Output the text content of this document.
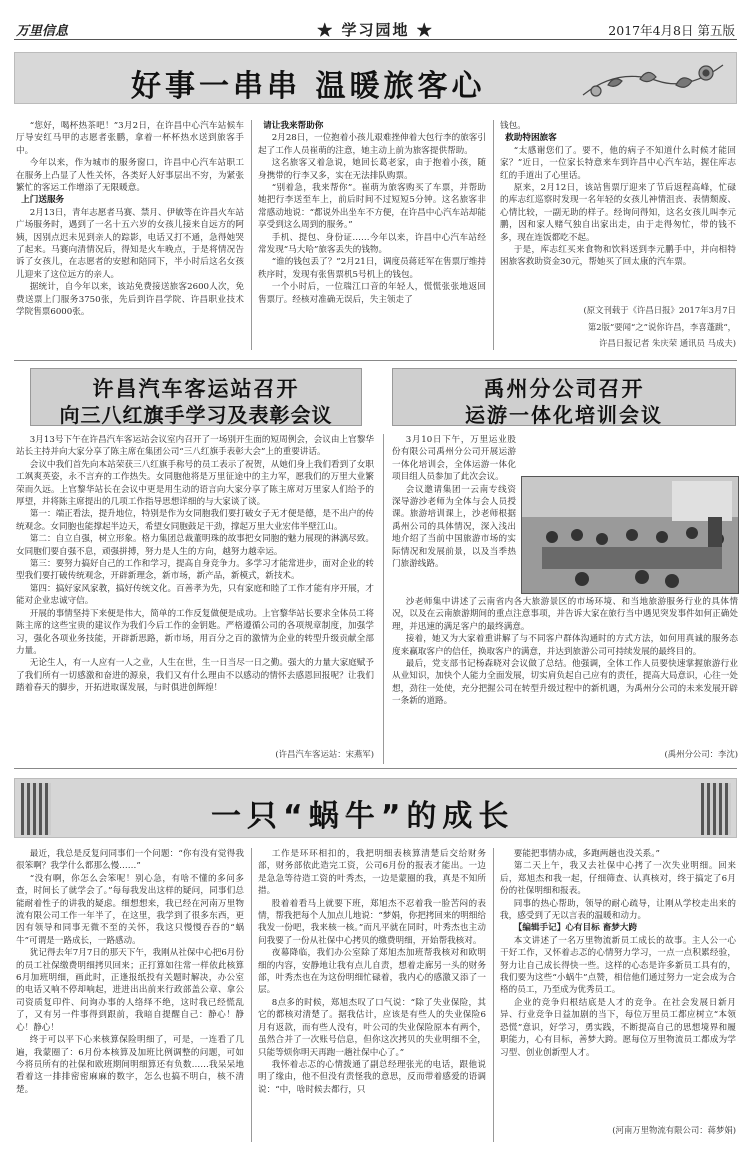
万里信息	★ 学习园地 ★	2017年4月8日 第五版
好事一串串 温暖旅客心

“您好，喝杯热茶吧！”3月2日，在许昌中心汽车站候车厅导安红马甲的志愿者张鹏，拿着一杯杯热水送到旅客手中。

今年以来，作为城市的服务窗口，许昌中心汽车站职工在服务上凸显了人性关怀，各类好人好事层出不穷，为紧张繁忙的客运工作增添了无限暖意。

上门送服务

2月13日，青年志愿者马赛、禁月、伊敏等在许昌火车站广场服务时，遇到了一名十五六岁的女孩儿接来自远方的阿姨，因别点迟未见到亲人的踪影，电话又打不通，急得她哭了起来。马赛向清情况后，得知是火车晚点，于是将情况告诉了女孩儿，在志愿者的安慰和陪同下，半小时后这名女孩儿迎来了这位远方的亲人。

据统计，自今年以来，该站免费接送旅客2600人次，免费送票上门服务3750张，先后到许昌学院、许昌职业技术学院售票6000张。

请让我来帮助你

2月28日，一位抱着小孩儿艰难挫伸着大包行李的旅客引起了工作人员崔萌的注意，她主动上前为旅客提供帮助。

这名旅客又着急说，她回长葛老家，由于抱着小孩，随身携带的行李又多，实在无法排队购票。

“别着急，我来帮你”。崔萌为旅客购买了车票，并帮助她把行李送至车上，前后时间不过短短5分钟。这名旅客非常感动地说：“都说外出坐车不方便，在许昌中心汽车站却能享受到这么周到的服务。”

手机、提包、身份证……今年以来，许昌中心汽车站经常发现“马大哈”旅客丢失的钱物。

“谁的钱包丢了？”2月21日，调度员蒋廷军在售票厅维持秩序时，发现有张售票机5号机上的钱包。

一个小时后，一位瑞江口音的年轻人，慌慌张张地返回售票厅。经核对准确无误后，失主领走了

钱包。

救助特困旅客

“太感谢您们了。要不，他的病子不知道什么时候才能回家？”近日，一位家长特意来车到许昌中心汽车站，握住库志红的手道出了心里话。

原来，2月12日，该站售票厅迎来了节后返程高峰，忙碌的库志红巡察时发现一名年轻的女孩儿神情沮丧、表情颓废、心情比较，一副无助的样子。经询问得知，这名女孩儿叫李元鹏，因和家人赌气独自出家出走，由于走得匆忙，带的钱不多，现在连饭都吃不起。

于是，库志红买来食物和饮料送到李元鹏手中，并向相特困旅客救助资金30元，帮她买了回太康的汽车票。

(原文刊载于《许昌日报》2017年3月7日
第2版”要闻“之”说你许昌，李喜蓬跳“，
许昌日报记者 朱庆荣 通讯员 马成夫)
许昌汽车客运站召开
向三八红旗手学习及表彰会议
禹州分公司召开
运游一体化培训会议

3月13号下午在许昌汽车客运站会议室内召开了一场别开生面的短周例会，会议由上官黎华站长主持并向大家分享了陈主席在集团公司“三八红旗手表彰大会”上的重要讲话。

会议中我们首先向本站荣获三八红旗手称号的员工表示了祝贺，从她们身上我们看到了女职工飒爽英姿，永不言弃的工作热失。女同胞他将是万里征途中的主力军，愿我们的万里大业繁荣而久远。上官黎华站长在会议中更是用生动的语言向大家分享了陈主席对万里家人们给予的厚望，并将陈主席提出的几项工作指导思想详细的与大家谈了谈。

第一：端正看法，提升地位，特别是作为女同胞我们要打破女子无才便是德，是不出户的传统观念。女同胞也能撑起半边天，希望女同胞鼓足干劲，撑起万里大业宏伟半壁江山。

第二：自立自强，树立形象。格力集团总裁董明珠的故事把女同胞的魅力展现的淋漓尽致。女同胞们要自强不息，顽强拼搏，努力是人生的方向，越努力越幸运。

第三：要努力搞好自己的工作和学习，提高自身竞争力。多学习才能常进步，面对企业的转型我们要打破传统观念，开辟新理念，新市场，新产品，新模式，新技术。

第四：搞好家风家教，搞好传统文化。百善孝为先，只有家庭和睦了工作才能有序开展，才能对企业忠诚守信。

开展的事情坚持下来便是伟大，简单的工作反复做便是成功。上官黎华站长要求全体员工将陈主席的这些宝贵的建议作为我们今后工作的金钥匙。严格遵循公司的各项规章制度，加强学习，强化各项业务技能，开辟新思路，新市场，用百分之百的激情为企业的转型升级贡献全部力量。

无论生人，有一人应有一人之业，人生在世，生一日当尽一日之勤。强大的力量大家庭赋予了我们所有一切感激和奋进的源泉，我们又有什么理由不以感动的情怀去感恩回报呢？让我们踏着春天的脚步，开拓进取谋发展，与时俱进创辉煌！

(许昌汽车客运站：宋燕军)

3月10日下午，万里运业股份有限公司禹州分公司开展运游一体化培训会，全体运游一体化项目组人员参加了此次会议。

会议邀请集团一云南专线资深导游沙老师为全体与会人员授课。旅游培训课上，沙老师根据禹州公司的具体情况，深入浅出地介绍了当前中国旅游市场的实际情况和发展前景，以及当季热门旅游线路。

沙老师集中讲述了云南省内各大旅游景区的市场环境、和当地旅游服务行业的具体情况，以及在云南旅游期间的重点注意事项，并告诉大家在旅行当中遇见突发事件如何正确处理，并迅速的满足客户的最终满意。

接着，她又为大家着重讲解了与不同客户群体沟通时的方式方法，如何用真诚的服务态度来赢取客户的信任，换取客户的满意，并达到旅游公司可持续发展的最终目的。

最后，党支部书记杨森晓对会议做了总结。他强调，全体工作人员要快速掌握旅游行业从业知识，加快个人能力全面发展，切实肩负起自己应有的责任，提高大局意识，心往一处想，劲往一处使，充分把握公司在转型升级过程中的新机遇，为禹州分公司的未来发展开辟一条新的道路。

(禹州分公司：李沈)
一只“蜗牛”的成长

最近，我总是反复问同事们一个问题：“你有没有觉得我很笨啊？我学什么都那么慢……”

“没有啊，你怎么会笨呢！别心急，有啥不懂的多问多查，时间长了就学会了。”每每我发出这样的疑问，同事们总能耐着性子的讲我的疑虑。细想想来，我已经在河南万里物流有限公司工作一年半了，在这里，我学到了很多东西，更因有领导和同事无微不至的关怀，我这只慢慢吞吞的“蜗牛”可谓是一路成长，一路感动。

犹记得去年7月7日的那天下午，我刚从社保中心把6月份的员工社保缴费明细拷贝回来；正打算如往常一样依此核算6月加班明细，画此时，正逢报纸投有关题时解决，办公室的电话又响不停却响起，进进出出前来行政部盖公章、拿公司资质复印件、问询办事的人络绎不绝，这时我已经慌乱了，又有另一件事得到跟前，我暗自提醒自己：静心！静心！静心！

终于可以平下心来核算保险明细了，可是，一连看了几遍，我蒙圈了：6月份本核算及加班比例调整的问题，可如今将员所有的社保和欧班期间明细算还有负数……我呆呆地看着这一排排密密麻麻的数字，怎么也搞不明白，核不清楚。

工作是环环相扣的，我把明细表核算清楚后交给财务部，财务部依此造完工资，公司6月份的报表才能出。一边是急急等待造工资的叶秀杰，一边是蒙圈的我，真是不知所措。

股着着看马上就要下班，郑旭杰不忍着我一脸苦闷的表情，帮我把每个人加点儿地说：“梦娟，你把拷回来的明细给我发一份吧，我来核一核。”而凡平就在同时，叶秀杰也主动问我要了一份从社保中心拷贝的缴费明细，开始帮我核对。

夜幕降临，我们办公室除了郑旭杰加班帮我核对和欧明细的内容，安静地让我有点儿自责，想着走廊另一头的财务部，叶秀杰也在为这份明细忙碌着，我内心的感激又添了一层。

8点多的时候，郑旭杰叹了口气说：“除了失业保险，其它的都核对清楚了。据我估计，应该是有些人的失业保险6月有返款，而有些人没有，叶公司的失业保险原本有两个，虽然合并了一次账号信息，但你这次拷贝的失业明细不全，只能等烦你明天再跑一趟社保中心了。”

我怀着忐忑的心情拨通了副总经理张光的电话，跟他说明了缘由，他不但没有责怪我的意思，反而带着感爱的语调说：“中，啥时候去都行，只

要能把事情办成，多跑两趟也没关系。”

第二天上午，我又去社保中心拷了一次失业明细。回来后，郑旭杰和我一起，仔细筛查、认真核对，终于搞定了6月份的社保明细和报表。

同事的热心帮助，领导的耐心疏导，让刚从学校走出来的我，感受到了无以言表的温暖和动力。

【编辑手记】心有目标 畜梦大跨

本文讲述了一名万里物流新员工成长的故事。主人公一心干好工作，又怀着忐忑的心情努力学习，一点一点积累经验，努力让自己成长得快一些。这样的心态是许多新员工具有的，我们要为这些“小蜗牛”点赞，相信他们通过努力一定会成为合格的员工，乃至成为优秀员工。

企业的竞争归根结底是人才的竞争。在社会发展日新月异、行业竞争日益加剧的当下，每位万里员工都应树立“本领恐慌”意识，好学习，勇实践，不断提高自己的思想境界和履职能力，心有目标，善梦大跨。愿每位万里物流员工都成为学习型、创业创新型人才。

(河南万里物流有限公司：蒋梦娟)
